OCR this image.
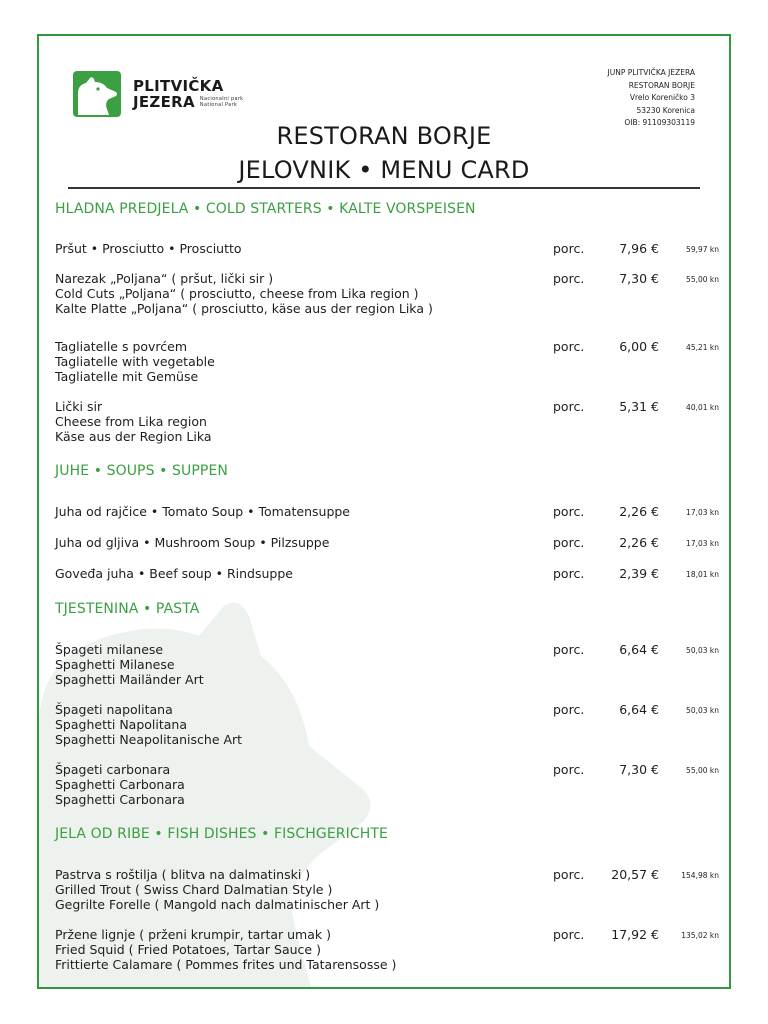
PLITVIČKA
JEZERA Nacionalni park
National Park
JUNP PLITVIČKA JEZERA
RESTORAN BORJE
Vrelo Koreničko 3
53230 Korenica
OIB: 91109303119
RESTORAN BORJE
JELOVNIK • MENU CARD
HLADNA PREDJELA • COLD STARTERS • KALTE VORSPEISEN
Pršut • Prosciutto • Prosciutto	porc.	7,96 €	59,97 kn
Narezak „Poljana“ ( pršut, lički sir )
Cold Cuts „Poljana“ ( prosciutto, cheese from Lika region )
Kalte Platte „Poljana“ ( prosciutto, käse aus der region Lika )
porc.	7,30 €	55,00 kn
Tagliatelle s povrćem
Tagliatelle with vegetable
Tagliatelle mit Gemüse
porc.	6,00 €	45,21 kn
Lički sir
Cheese from Lika region
Käse aus der Region Lika
porc.	5,31 €	40,01 kn
JUHE • SOUPS • SUPPEN
Juha od rajčice • Tomato Soup • Tomatensuppe	porc.	2,26 €	17,03 kn
Juha od gljiva • Mushroom Soup • Pilzsuppe	porc.	2,26 €	17,03 kn
Goveđa juha • Beef soup • Rindsuppe	porc.	2,39 €	18,01 kn
TJESTENINA • PASTA
Špageti milanese
Spaghetti Milanese
Spaghetti Mailänder Art
porc.	6,64 €	50,03 kn
Špageti napolitana
Spaghetti Napolitana
Spaghetti Neapolitanische Art
porc.	6,64 €	50,03 kn
Špageti carbonara
Spaghetti Carbonara
Spaghetti Carbonara
porc.	7,30 €	55,00 kn
JELA OD RIBE • FISH DISHES • FISCHGERICHTE
Pastrva s roštilja ( blitva na dalmatinski )
Grilled Trout ( Swiss Chard Dalmatian Style )
Gegrilte Forelle ( Mangold nach dalmatinischer Art )
porc. 20,57 €	154,98 kn
Pržene lignje ( prženi krumpir, tartar umak )
Fried Squid ( Fried Potatoes, Tartar Sauce )
Frittierte Calamare ( Pommes frites und Tatarensosse )
porc. 17,92 €	135,02 kn
